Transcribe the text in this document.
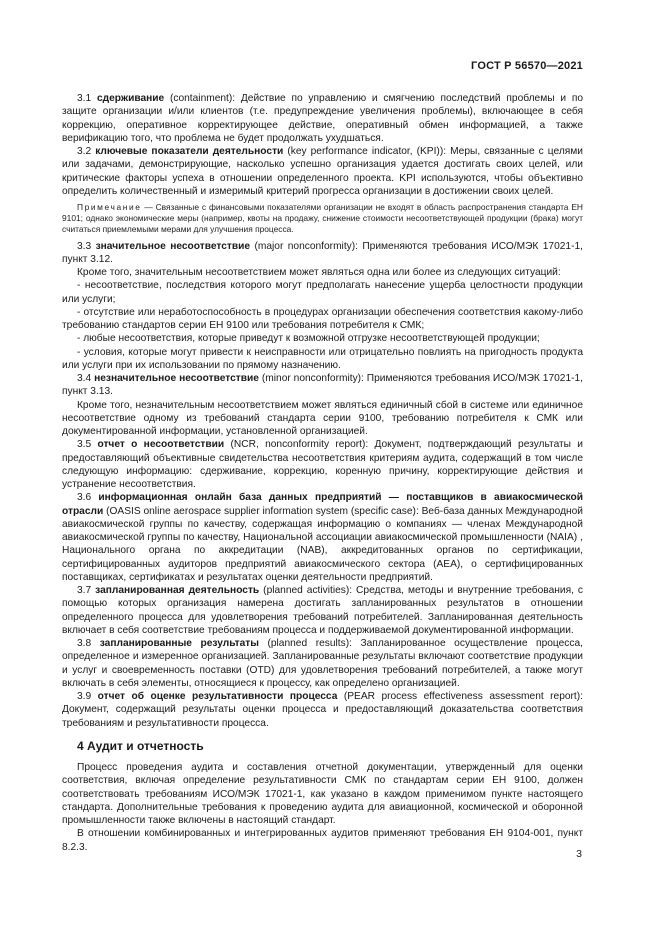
ГОСТ Р 56570—2021

3.1 сдерживание (containment): Действие по управлению и смягчению последствий проблемы и по защите организации и/или клиентов (т.е. предупреждение увеличения проблемы), включающее в себя коррекцию, оперативное корректирующее действие, оперативный обмен информацией, а также верификацию того, что проблема не будет продолжать ухудшаться.

3.2 ключевые показатели деятельности (key performance indicator, (KPI)): Меры, связанные с целями или задачами, демонстрирующие, насколько успешно организация удается достигать своих целей, или критические факторы успеха в отношении определенного проекта. KPI используются, чтобы объективно определить количественный и измеримый критерий прогресса организации в достижении своих целей.

Примечание — Связанные с финансовыми показателями организации не входят в область распространения стандарта ЕН 9101; однако экономические меры (например, квоты на продажу, снижение стоимости несоответствующей продукции (брака) могут считаться приемлемыми мерами для улучшения процесса.

3.3 значительное несоответствие (major nonconformity): Применяются требования ИСО/МЭК 17021-1, пункт 3.12.

Кроме того, значительным несоответствием может являться одна или более из следующих ситуаций:

- несоответствие, последствия которого могут предполагать нанесение ущерба целостности продукции или услуги;

- отсутствие или неработоспособность в процедурах организации обеспечения соответствия какому-либо требованию стандартов серии ЕН 9100 или требования потребителя к СМК;

- любые несоответствия, которые приведут к возможной отгрузке несоответствующей продукции;

- условия, которые могут привести к неисправности или отрицательно повлиять на пригодность продукта или услуги при их использовании по прямому назначению.

3.4 незначительное несоответствие (minor nonconformity): Применяются требования ИСО/МЭК 17021-1, пункт 3.13.

Кроме того, незначительным несоответствием может являться единичный сбой в системе или единичное несоответствие одному из требований стандарта серии 9100, требованию потребителя к СМК или документированной информации, установленной организацией.

3.5 отчет о несоответствии (NCR, nonconformity report): Документ, подтверждающий результаты и предоставляющий объективные свидетельства несоответствия критериям аудита, содержащий в том числе следующую информацию: сдерживание, коррекцию, коренную причину, корректирующие действия и устранение несоответствия.

3.6 информационная онлайн база данных предприятий — поставщиков в авиакосмической отрасли (OASIS online aerospace supplier information system (specific case): Веб-база данных Международной авиакосмической группы по качеству, содержащая информацию о компаниях — членах Международной авиакосмической группы по качеству, Национальной ассоциации авиакосмической промышленности (NAIA) , Национального органа по аккредитации (NAB), аккредитованных органов по сертификации, сертифицированных аудиторов предприятий авиакосмического сектора (AEA), о сертифицированных поставщиках, сертификатах и результатах оценки деятельности предприятий.

3.7 запланированная деятельность (planned activities): Средства, методы и внутренние требования, с помощью которых организация намерена достигать запланированных результатов в отношении определенного процесса для удовлетворения требований потребителей. Запланированная деятельность включает в себя соответствие требованиям процесса и поддерживаемой документированной информации.

3.8 запланированные результаты (planned results): Запланированное осуществление процесса, определенное и измеренное организацией. Запланированные результаты включают соответствие продукции и услуг и своевременность поставки (OTD) для удовлетворения требований потребителей, а также могут включать в себя элементы, относящиеся к процессу, как определено организацией.

3.9 отчет об оценке результативности процесса (PEAR process effectiveness assessment report): Документ, содержащий результаты оценки процесса и предоставляющий доказательства соответствия требованиям и результативности процесса.

4 Аудит и отчетность

Процесс проведения аудита и составления отчетной документации, утвержденный для оценки соответствия, включая определение результативности СМК по стандартам серии ЕН 9100, должен соответствовать требованиям ИСО/МЭК 17021-1, как указано в каждом применимом пункте настоящего стандарта. Дополнительные требования к проведению аудита для авиационной, космической и оборонной промышленности также включены в настоящий стандарт.

В отношении комбинированных и интегрированных аудитов применяют требования ЕН 9104-001, пункт 8.2.3.

3
